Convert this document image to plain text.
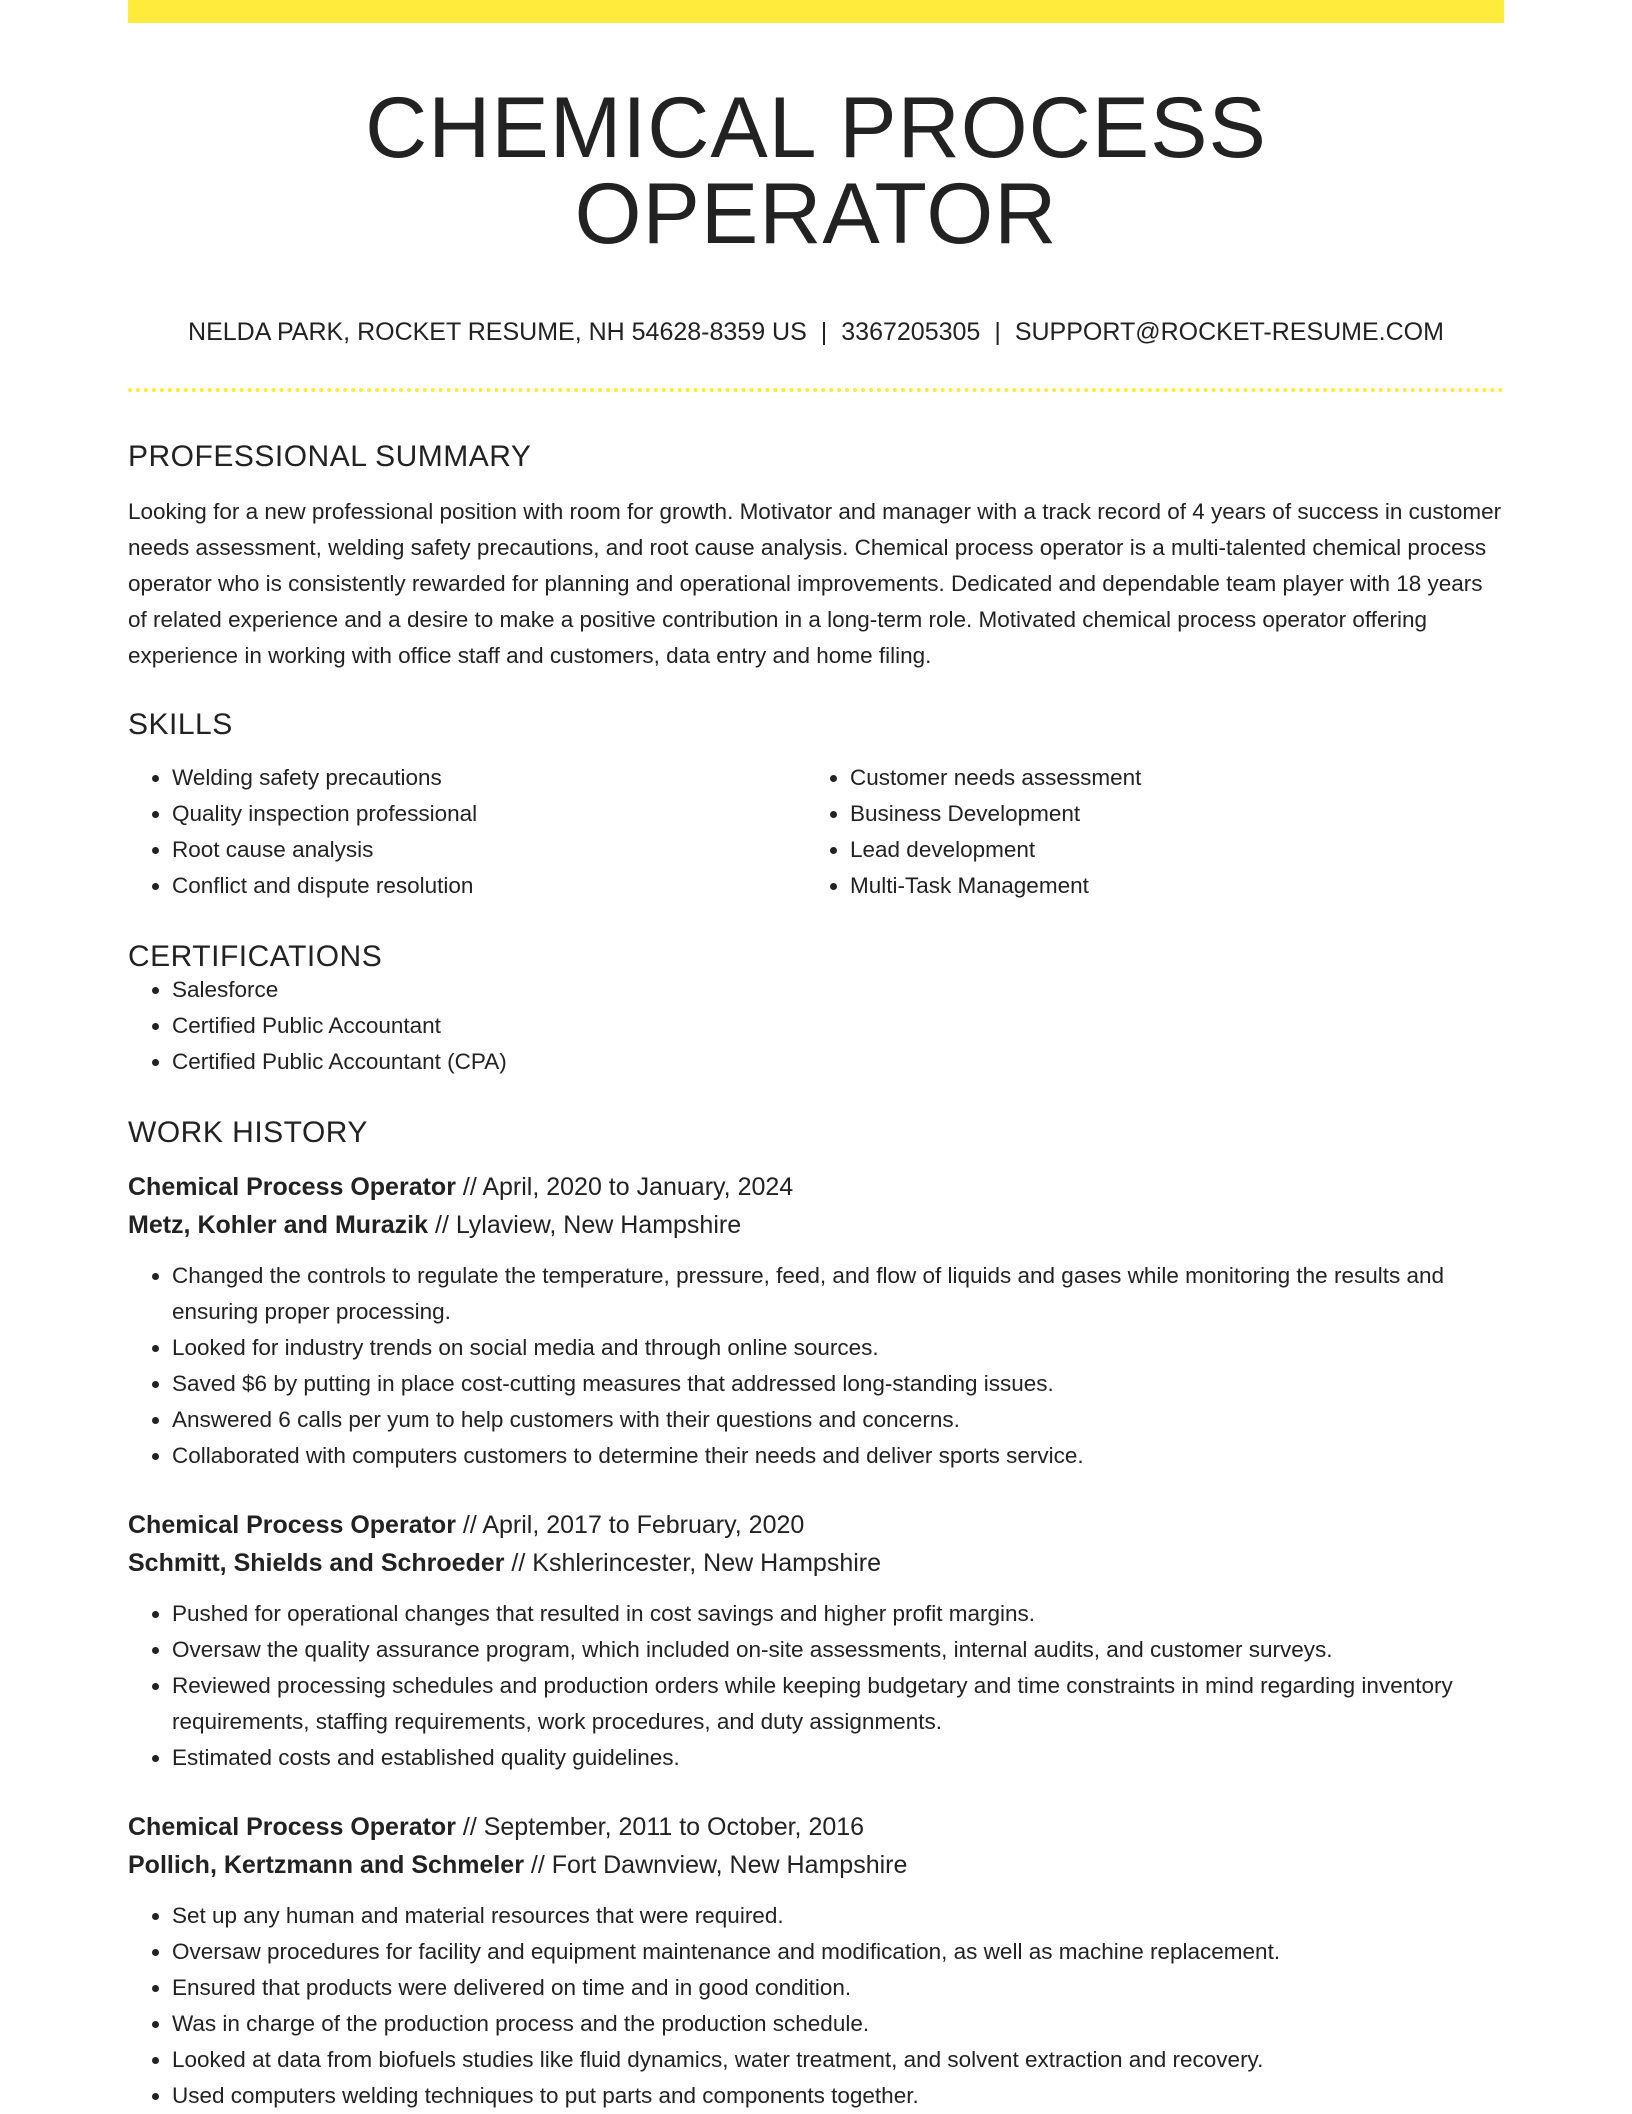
CHEMICAL PROCESS OPERATOR
NELDA PARK, ROCKET RESUME, NH 54628-8359 US | 3367205305 | SUPPORT@ROCKET-RESUME.COM
PROFESSIONAL SUMMARY
Looking for a new professional position with room for growth. Motivator and manager with a track record of 4 years of success in customer needs assessment, welding safety precautions, and root cause analysis. Chemical process operator is a multi-talented chemical process operator who is consistently rewarded for planning and operational improvements. Dedicated and dependable team player with 18 years of related experience and a desire to make a positive contribution in a long-term role. Motivated chemical process operator offering experience in working with office staff and customers, data entry and home filing.
SKILLS
• Welding safety precautions
• Quality inspection professional
• Root cause analysis
• Conflict and dispute resolution
• Customer needs assessment
• Business Development
• Lead development
• Multi-Task Management
CERTIFICATIONS
• Salesforce
• Certified Public Accountant
• Certified Public Accountant (CPA)
WORK HISTORY
Chemical Process Operator // April, 2020 to January, 2024
Metz, Kohler and Murazik // Lylaview, New Hampshire
• Changed the controls to regulate the temperature, pressure, feed, and flow of liquids and gases while monitoring the results and ensuring proper processing.
• Looked for industry trends on social media and through online sources.
• Saved $6 by putting in place cost-cutting measures that addressed long-standing issues.
• Answered 6 calls per yum to help customers with their questions and concerns.
• Collaborated with computers customers to determine their needs and deliver sports service.
Chemical Process Operator // April, 2017 to February, 2020
Schmitt, Shields and Schroeder // Kshlerincester, New Hampshire
• Pushed for operational changes that resulted in cost savings and higher profit margins.
• Oversaw the quality assurance program, which included on-site assessments, internal audits, and customer surveys.
• Reviewed processing schedules and production orders while keeping budgetary and time constraints in mind regarding inventory requirements, staffing requirements, work procedures, and duty assignments.
• Estimated costs and established quality guidelines.
Chemical Process Operator // September, 2011 to October, 2016
Pollich, Kertzmann and Schmeler // Fort Dawnview, New Hampshire
• Set up any human and material resources that were required.
• Oversaw procedures for facility and equipment maintenance and modification, as well as machine replacement.
• Ensured that products were delivered on time and in good condition.
• Was in charge of the production process and the production schedule.
• Looked at data from biofuels studies like fluid dynamics, water treatment, and solvent extraction and recovery.
• Used computers welding techniques to put parts and components together.
